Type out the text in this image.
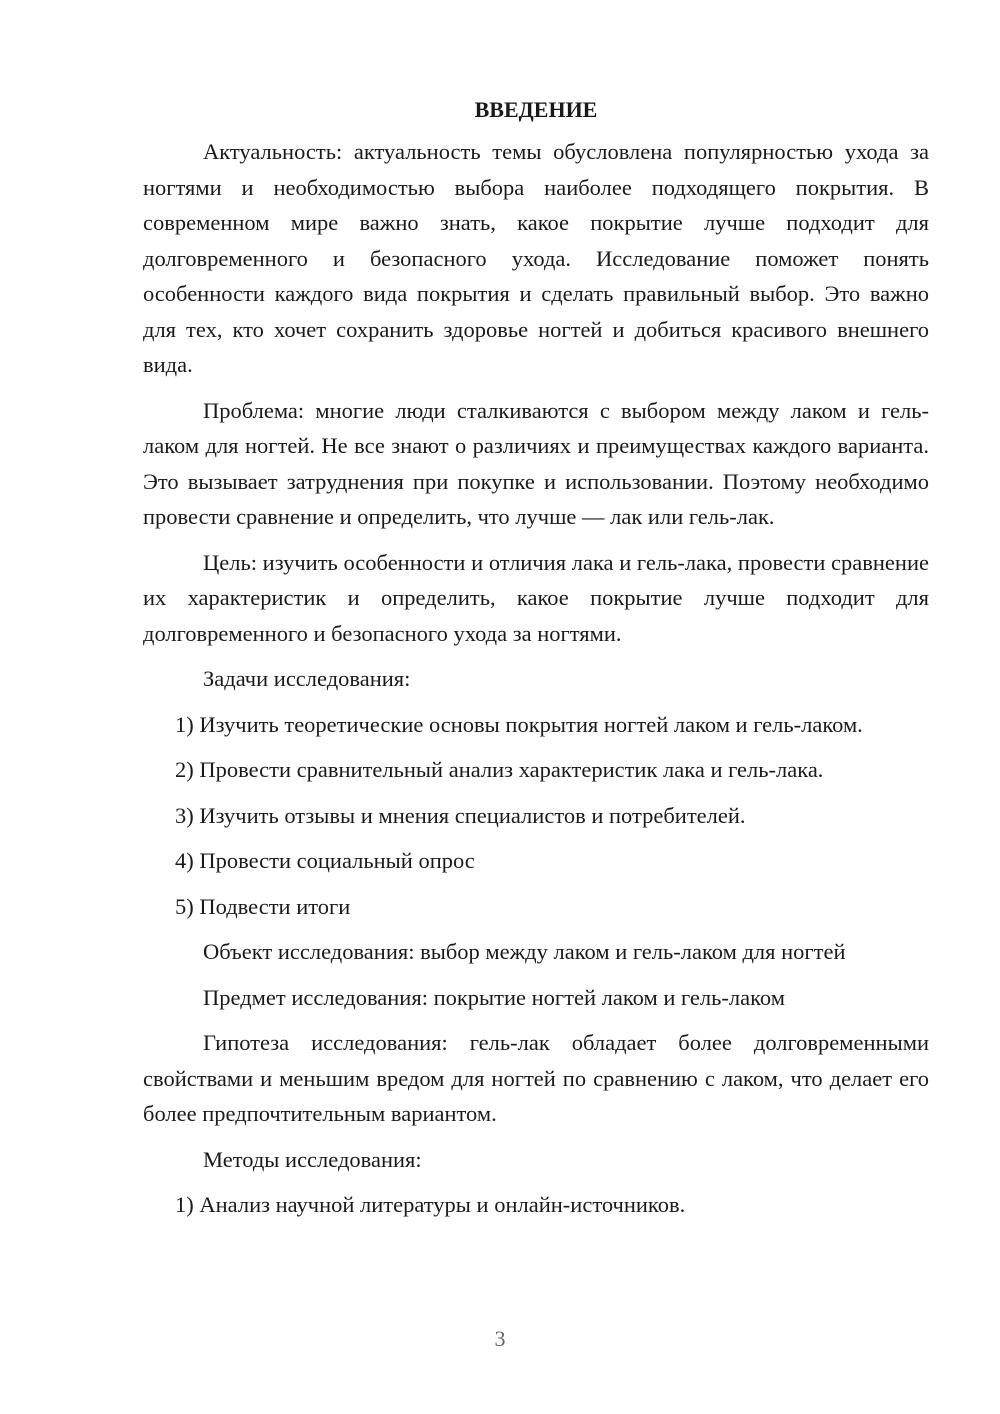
ВВЕДЕНИЕ

Актуальность: актуальность темы обусловлена популярностью ухода за ногтями и необходимостью выбора наиболее подходящего покрытия. В современном мире важно знать, какое покрытие лучше подходит для долговременного и безопасного ухода. Исследование поможет понять особенности каждого вида покрытия и сделать правильный выбор. Это важно для тех, кто хочет сохранить здоровье ногтей и добиться красивого внешнего вида.

Проблема: многие люди сталкиваются с выбором между лаком и гель-лаком для ногтей. Не все знают о различиях и преимуществах каждого варианта. Это вызывает затруднения при покупке и использовании. Поэтому необходимо провести сравнение и определить, что лучше — лак или гель-лак.

Цель: изучить особенности и отличия лака и гель-лака, провести сравнение их характеристик и определить, какое покрытие лучше подходит для долговременного и безопасного ухода за ногтями.

Задачи исследования:

1) Изучить теоретические основы покрытия ногтей лаком и гель-лаком.

2) Провести сравнительный анализ характеристик лака и гель-лака.

3) Изучить отзывы и мнения специалистов и потребителей.

4) Провести социальный опрос

5) Подвести итоги

Объект исследования: выбор между лаком и гель-лаком для ногтей

Предмет исследования: покрытие ногтей лаком и гель-лаком

Гипотеза исследования: гель-лак обладает более долговременными свойствами и меньшим вредом для ногтей по сравнению с лаком, что делает его более предпочтительным вариантом.

Методы исследования:

1) Анализ научной литературы и онлайн-источников.

3
